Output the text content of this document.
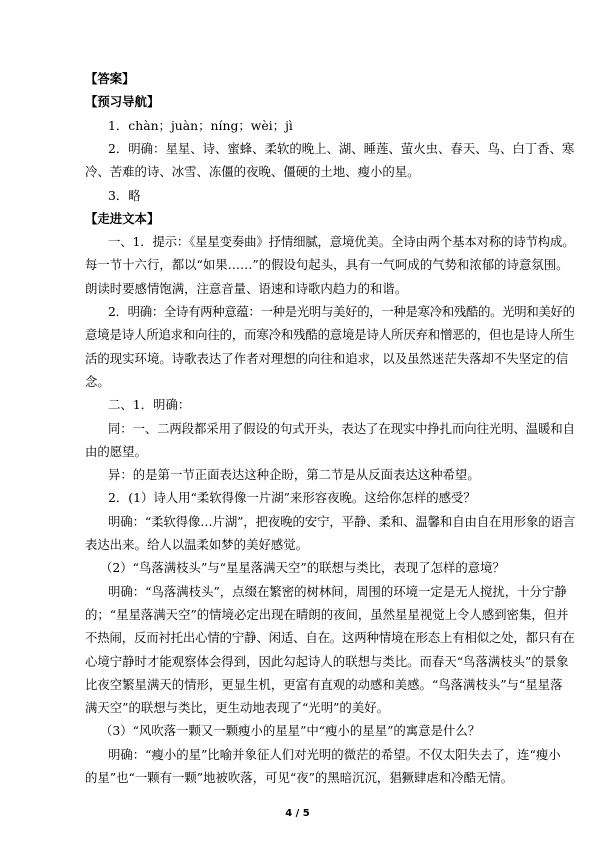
【答案】
【预习导航】
1．chàn；juàn；níng；wèi；jì
2．明确：星星、诗、蜜蜂、柔软的晚上、湖、睡莲、萤火虫、春天、鸟、白丁香、寒
冷、苦难的诗、冰雪、冻僵的夜晚、僵硬的土地、瘦小的星。
3．略
【走进文本】
一、1．提示：《星星变奏曲》抒情细腻，意境优美。全诗由两个基本对称的诗节构成。
每一节十六行，都以“如果……”的假设句起头，具有一气呵成的气势和浓郁的诗意氛围。
朗读时要感情饱满，注意音量、语速和诗歌内趋力的和谐。
2．明确：全诗有两种意蕴：一种是光明与美好的，一种是寒冷和残酷的。光明和美好的
意境是诗人所追求和向往的，而寒冷和残酷的意境是诗人所厌弃和憎恶的，但也是诗人所生
活的现实环境。诗歌表达了作者对理想的向往和追求，以及虽然迷茫失落却不失坚定的信
念。
二、1．明确：
同：一、二两段都采用了假设的句式开头，表达了在现实中挣扎而向往光明、温暖和自
由的愿望。
异：的是第一节正面表达这种企盼，第二节是从反面表达这种希望。
2．(1）诗人用“柔软得像一片湖”来形容夜晚。这给你怎样的感受？
明确：“柔软得像…片湖”，把夜晚的安宁，平静、柔和、温馨和自由自在用形象的语言
表达出来。给人以温柔如梦的美好感觉。
（2）“鸟落满枝头”与“星星落满天空”的联想与类比，表现了怎样的意境？
明确：“鸟落满枝头”，点缀在繁密的树林间，周围的环境一定是无人搅扰，十分宁静
的；“星星落满天空”的情境必定出现在晴朗的夜间，虽然星星视觉上令人感到密集，但并
不热闹，反而衬托出心情的宁静、闲适、自在。这两种情境在形态上有相似之处，都只有在
心境宁静时才能观察体会得到，因此勾起诗人的联想与类比。而春天“鸟落满枝头”的景象
比夜空繁星满天的情形，更显生机，更富有直观的动感和美感。“鸟落满枝头”与“星星落
满天空”的联想与类比，更生动地表现了“光明”的美好。
（3）“风吹落一颗又一颗瘦小的星星”中“瘦小的星星”的寓意是什么？
明确：“瘦小的星”比喻并象征人们对光明的微茫的希望。不仅太阳失去了，连“瘦小
的星”也“一颗有一颗”地被吹落，可见“夜”的黑暗沉沉，猖獗肆虐和冷酷无情。
4 / 5
